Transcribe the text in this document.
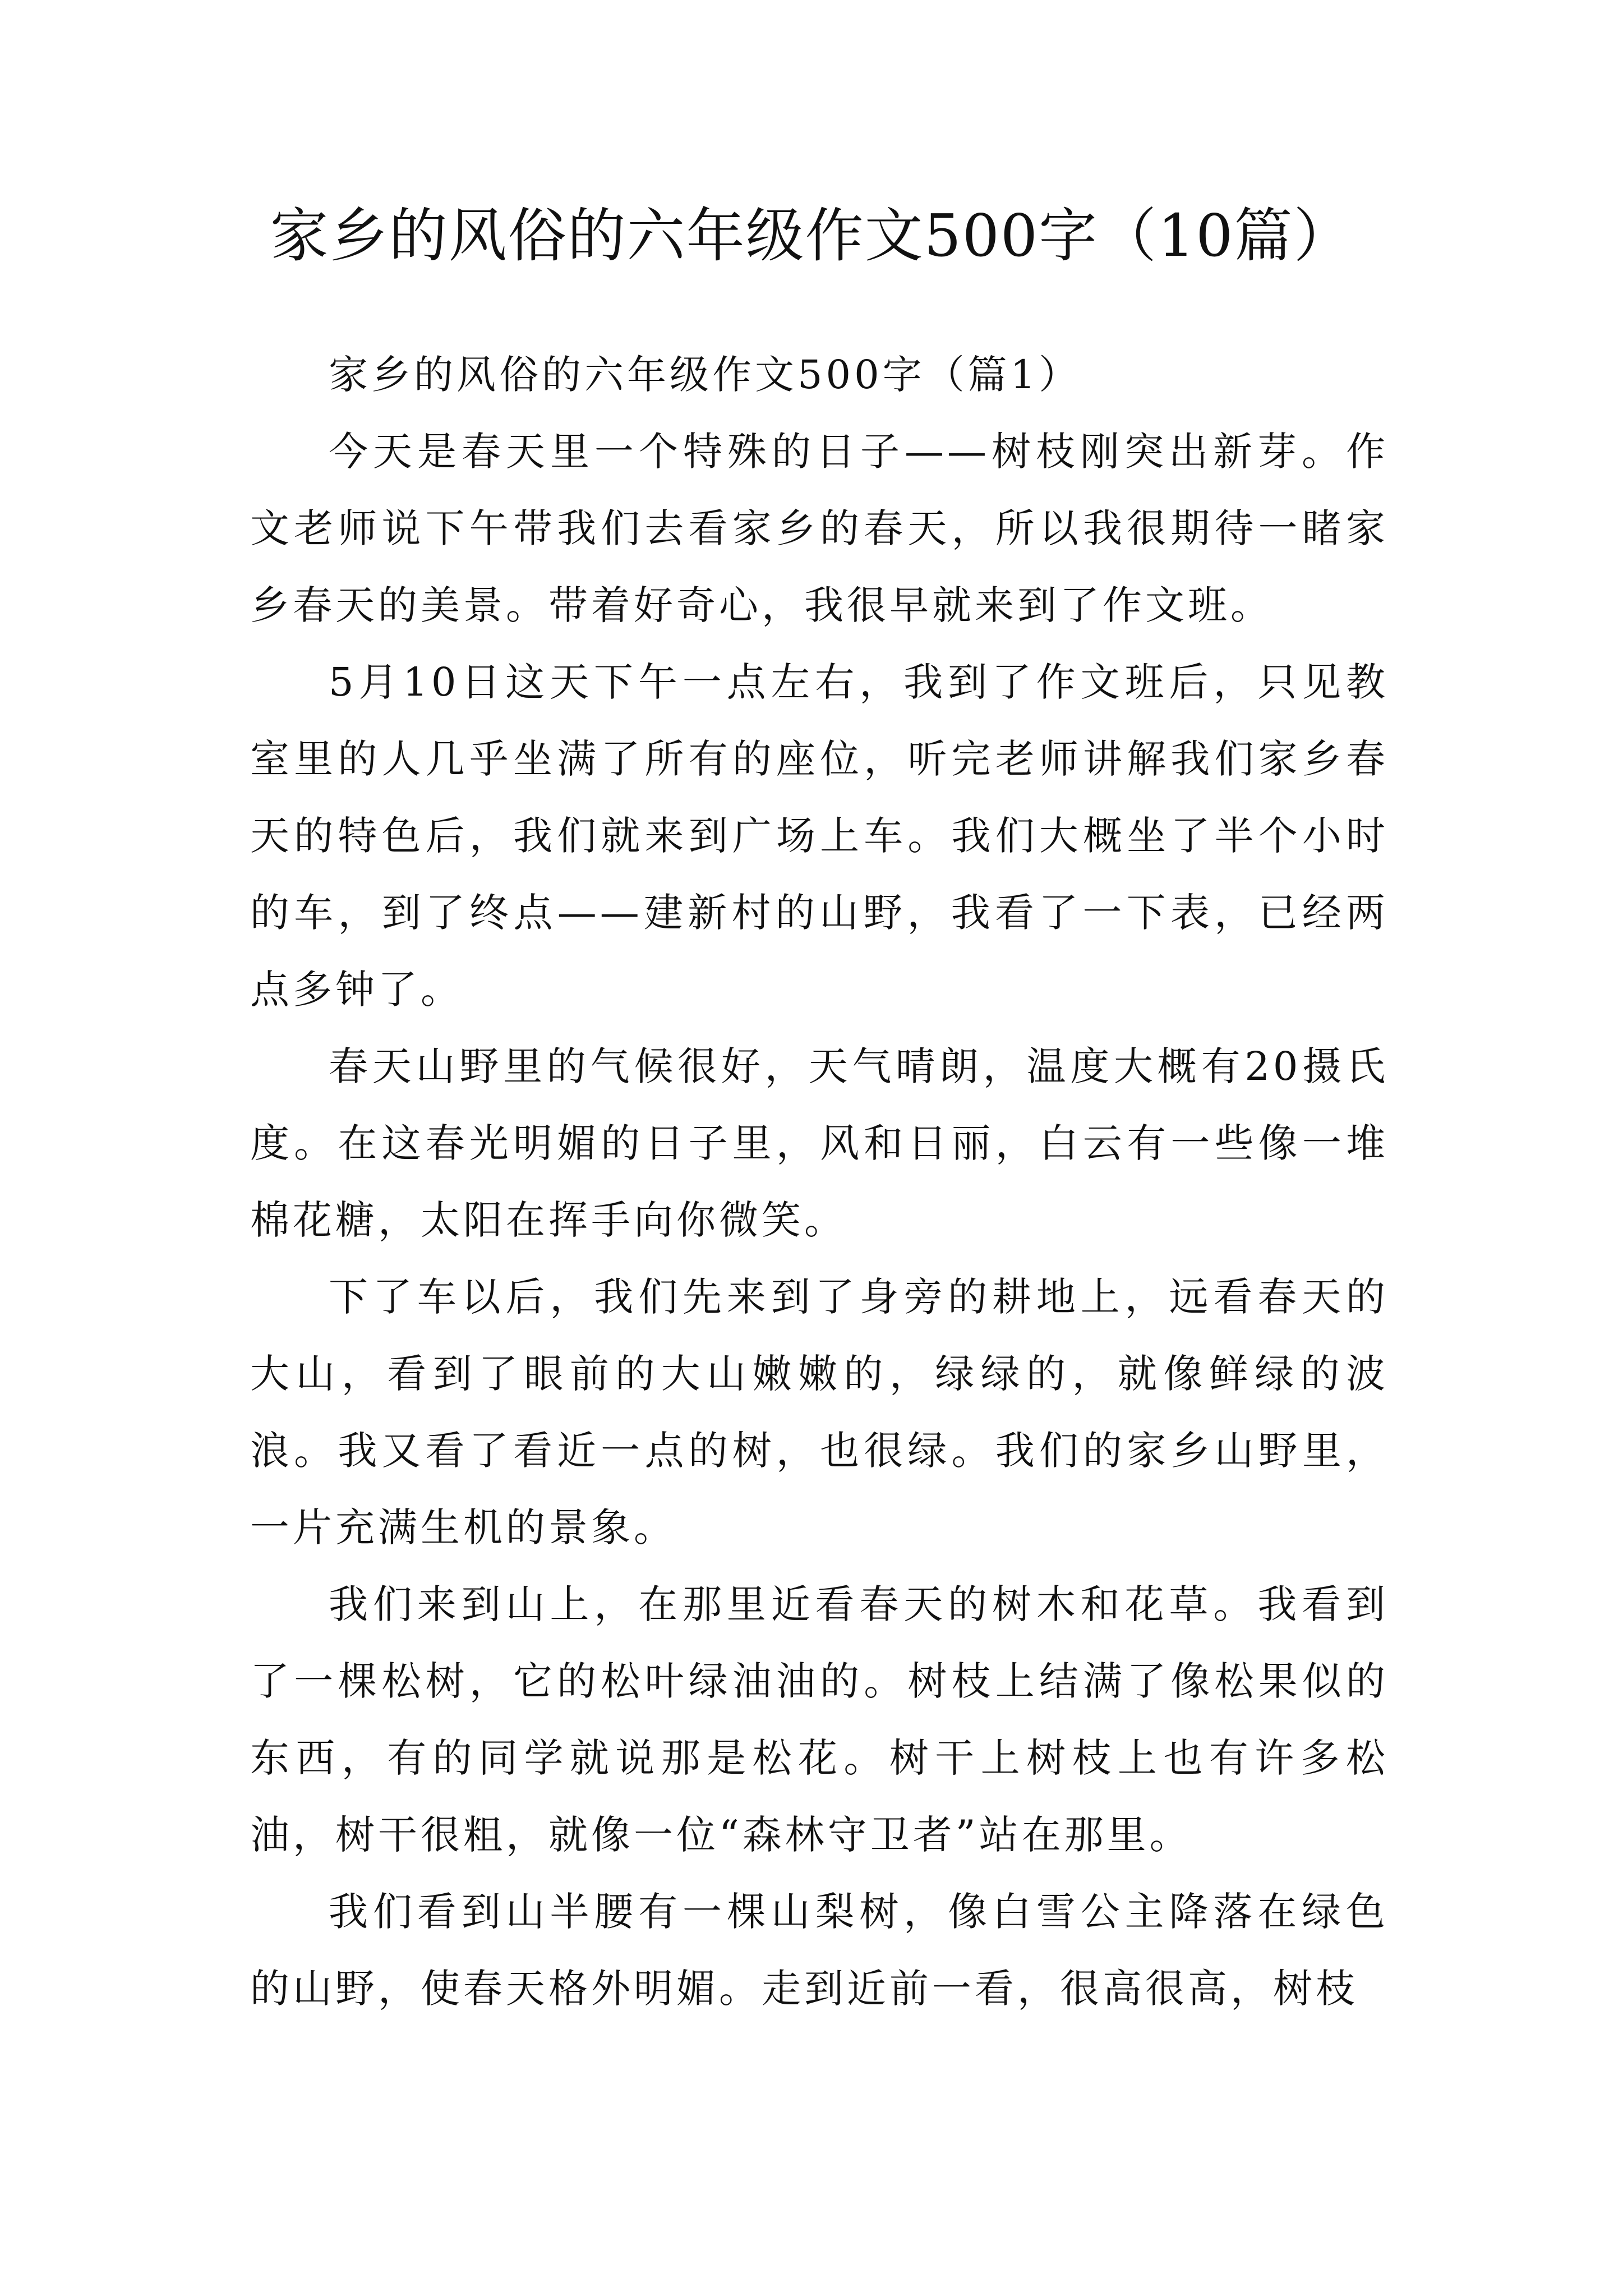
家乡的风俗的六年级作文500字（10篇）

家乡的风俗的六年级作文500字（篇1）

今天是春天里一个特殊的日子——树枝刚突出新芽。作文老师说下午带我们去看家乡的春天，所以我很期待一睹家乡春天的美景。带着好奇心，我很早就来到了作文班。

5月10日这天下午一点左右，我到了作文班后，只见教室里的人几乎坐满了所有的座位，听完老师讲解我们家乡春天的特色后，我们就来到广场上车。我们大概坐了半个小时的车，到了终点——建新村的山野，我看了一下表，已经两点多钟了。

春天山野里的气候很好，天气晴朗，温度大概有20摄氏度。在这春光明媚的日子里，风和日丽，白云有一些像一堆棉花糖，太阳在挥手向你微笑。

下了车以后，我们先来到了身旁的耕地上，远看春天的大山，看到了眼前的大山嫩嫩的，绿绿的，就像鲜绿的波浪。我又看了看近一点的树，也很绿。我们的家乡山野里，一片充满生机的景象。

我们来到山上，在那里近看春天的树木和花草。我看到了一棵松树，它的松叶绿油油的。树枝上结满了像松果似的东西，有的同学就说那是松花。树干上树枝上也有许多松油，树干很粗，就像一位“森林守卫者”站在那里。

我们看到山半腰有一棵山梨树，像白雪公主降落在绿色的山野，使春天格外明媚。走到近前一看，很高很高，树枝
